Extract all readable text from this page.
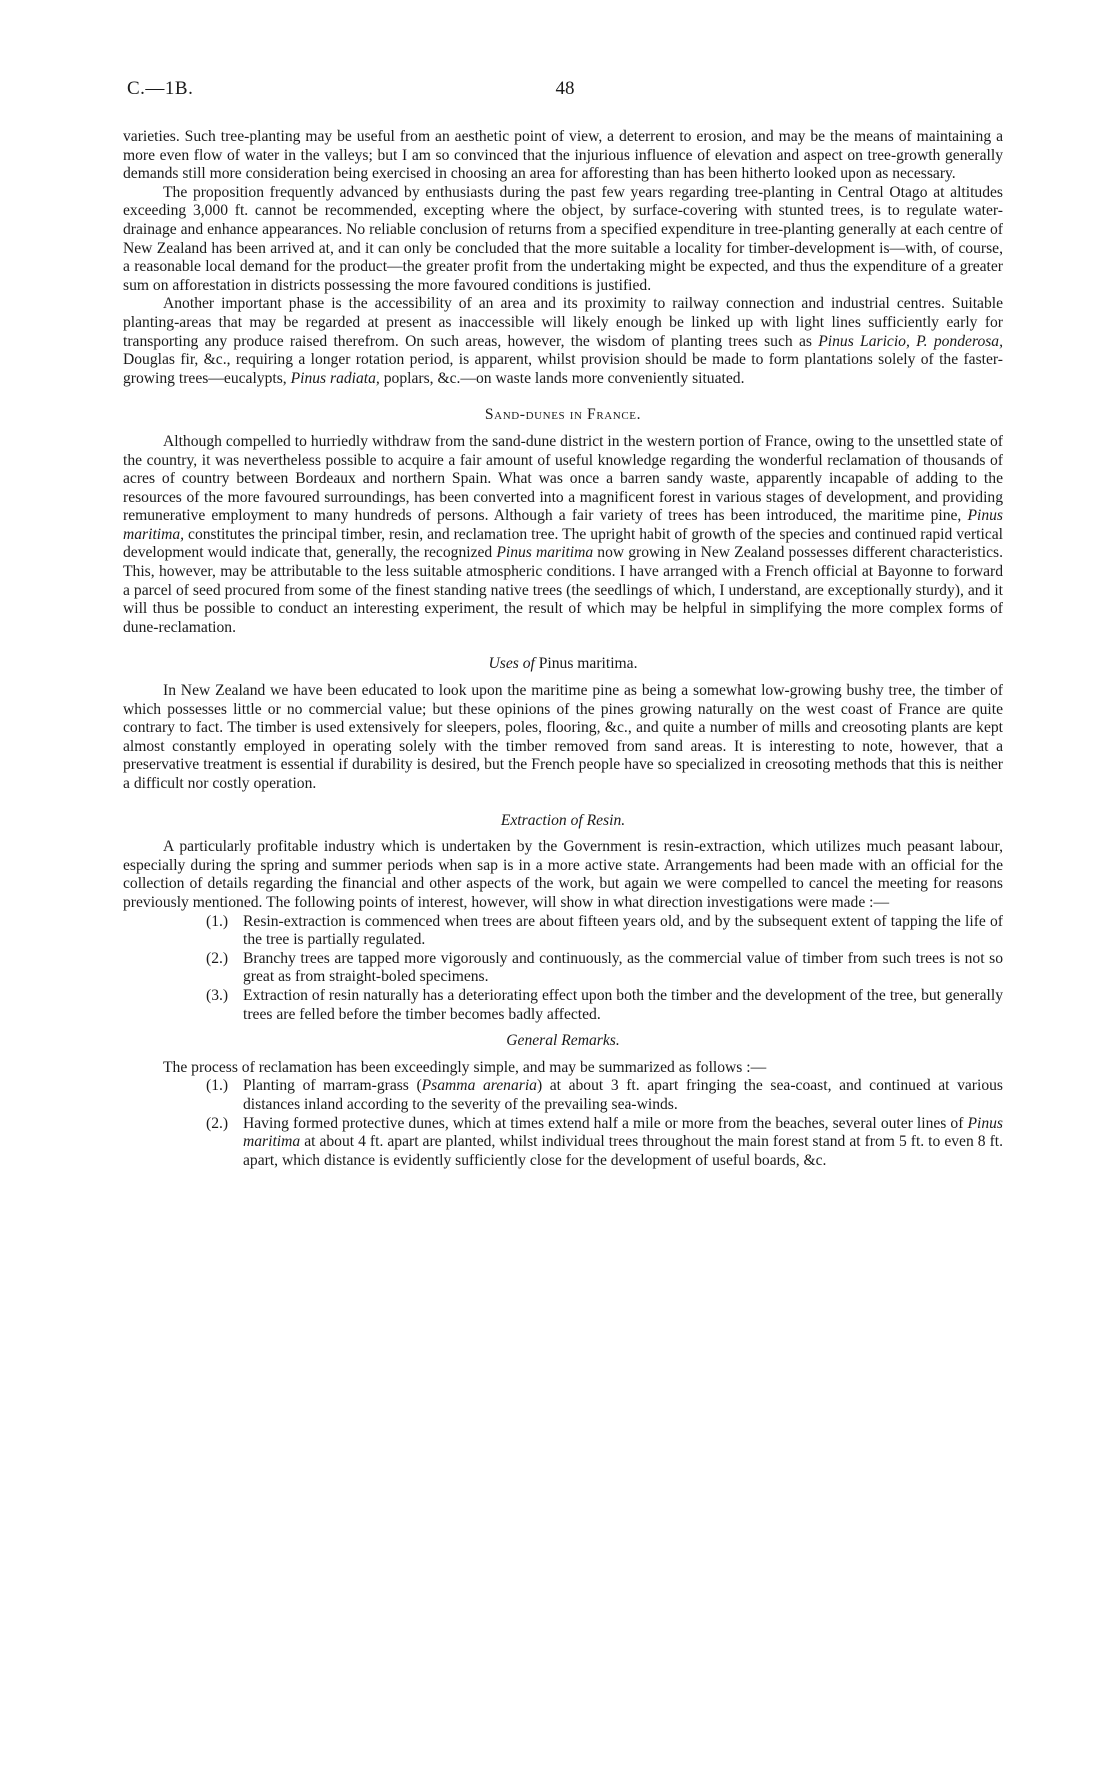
C.—1B.	48

varieties. Such tree-planting may be useful from an aesthetic point of view, a deterrent to erosion, and may be the means of maintaining a more even flow of water in the valleys; but I am so convinced that the injurious influence of elevation and aspect on tree-growth generally demands still more consideration being exercised in choosing an area for afforesting than has been hitherto looked upon as necessary.

The proposition frequently advanced by enthusiasts during the past few years regarding tree-planting in Central Otago at altitudes exceeding 3,000 ft. cannot be recommended, excepting where the object, by surface-covering with stunted trees, is to regulate water-drainage and enhance appearances. No reliable conclusion of returns from a specified expenditure in tree-planting generally at each centre of New Zealand has been arrived at, and it can only be concluded that the more suitable a locality for timber-development is—with, of course, a reasonable local demand for the product—the greater profit from the undertaking might be expected, and thus the expenditure of a greater sum on afforestation in districts possessing the more favoured conditions is justified.

Another important phase is the accessibility of an area and its proximity to railway connection and industrial centres. Suitable planting-areas that may be regarded at present as inaccessible will likely enough be linked up with light lines sufficiently early for transporting any produce raised therefrom. On such areas, however, the wisdom of planting trees such as Pinus Laricio, P. ponderosa, Douglas fir, &c., requiring a longer rotation period, is apparent, whilst provision should be made to form plantations solely of the faster-growing trees—eucalypts, Pinus radiata, poplars, &c.—on waste lands more conveniently situated.

Sand-dunes in France.

Although compelled to hurriedly withdraw from the sand-dune district in the western portion of France, owing to the unsettled state of the country, it was nevertheless possible to acquire a fair amount of useful knowledge regarding the wonderful reclamation of thousands of acres of country between Bordeaux and northern Spain. What was once a barren sandy waste, apparently incapable of adding to the resources of the more favoured surroundings, has been converted into a magnificent forest in various stages of development, and providing remunerative employment to many hundreds of persons. Although a fair variety of trees has been introduced, the maritime pine, Pinus maritima, constitutes the principal timber, resin, and reclamation tree. The upright habit of growth of the species and continued rapid vertical development would indicate that, generally, the recognized Pinus maritima now growing in New Zealand possesses different characteristics. This, however, may be attributable to the less suitable atmospheric conditions. I have arranged with a French official at Bayonne to forward a parcel of seed procured from some of the finest standing native trees (the seedlings of which, I understand, are exceptionally sturdy), and it will thus be possible to conduct an interesting experiment, the result of which may be helpful in simplifying the more complex forms of dune-reclamation.

Uses of Pinus maritima.

In New Zealand we have been educated to look upon the maritime pine as being a somewhat low-growing bushy tree, the timber of which possesses little or no commercial value; but these opinions of the pines growing naturally on the west coast of France are quite contrary to fact. The timber is used extensively for sleepers, poles, flooring, &c., and quite a number of mills and creosoting plants are kept almost constantly employed in operating solely with the timber removed from sand areas. It is interesting to note, however, that a preservative treatment is essential if durability is desired, but the French people have so specialized in creosoting methods that this is neither a difficult nor costly operation.

Extraction of Resin.

A particularly profitable industry which is undertaken by the Government is resin-extraction, which utilizes much peasant labour, especially during the spring and summer periods when sap is in a more active state. Arrangements had been made with an official for the collection of details regarding the financial and other aspects of the work, but again we were compelled to cancel the meeting for reasons previously mentioned. The following points of interest, however, will show in what direction investigations were made :—

(1.) Resin-extraction is commenced when trees are about fifteen years old, and by the subsequent extent of tapping the life of the tree is partially regulated.
(2.) Branchy trees are tapped more vigorously and continuously, as the commercial value of timber from such trees is not so great as from straight-boled specimens.
(3.) Extraction of resin naturally has a deteriorating effect upon both the timber and the development of the tree, but generally trees are felled before the timber becomes badly affected.

General Remarks.

The process of reclamation has been exceedingly simple, and may be summarized as follows :—

(1.) Planting of marram-grass (Psamma arenaria) at about 3 ft. apart fringing the sea-coast, and continued at various distances inland according to the severity of the prevailing sea-winds.
(2.) Having formed protective dunes, which at times extend half a mile or more from the beaches, several outer lines of Pinus maritima at about 4 ft. apart are planted, whilst individual trees throughout the main forest stand at from 5 ft. to even 8 ft. apart, which distance is evidently sufficiently close for the development of useful boards, &c.
